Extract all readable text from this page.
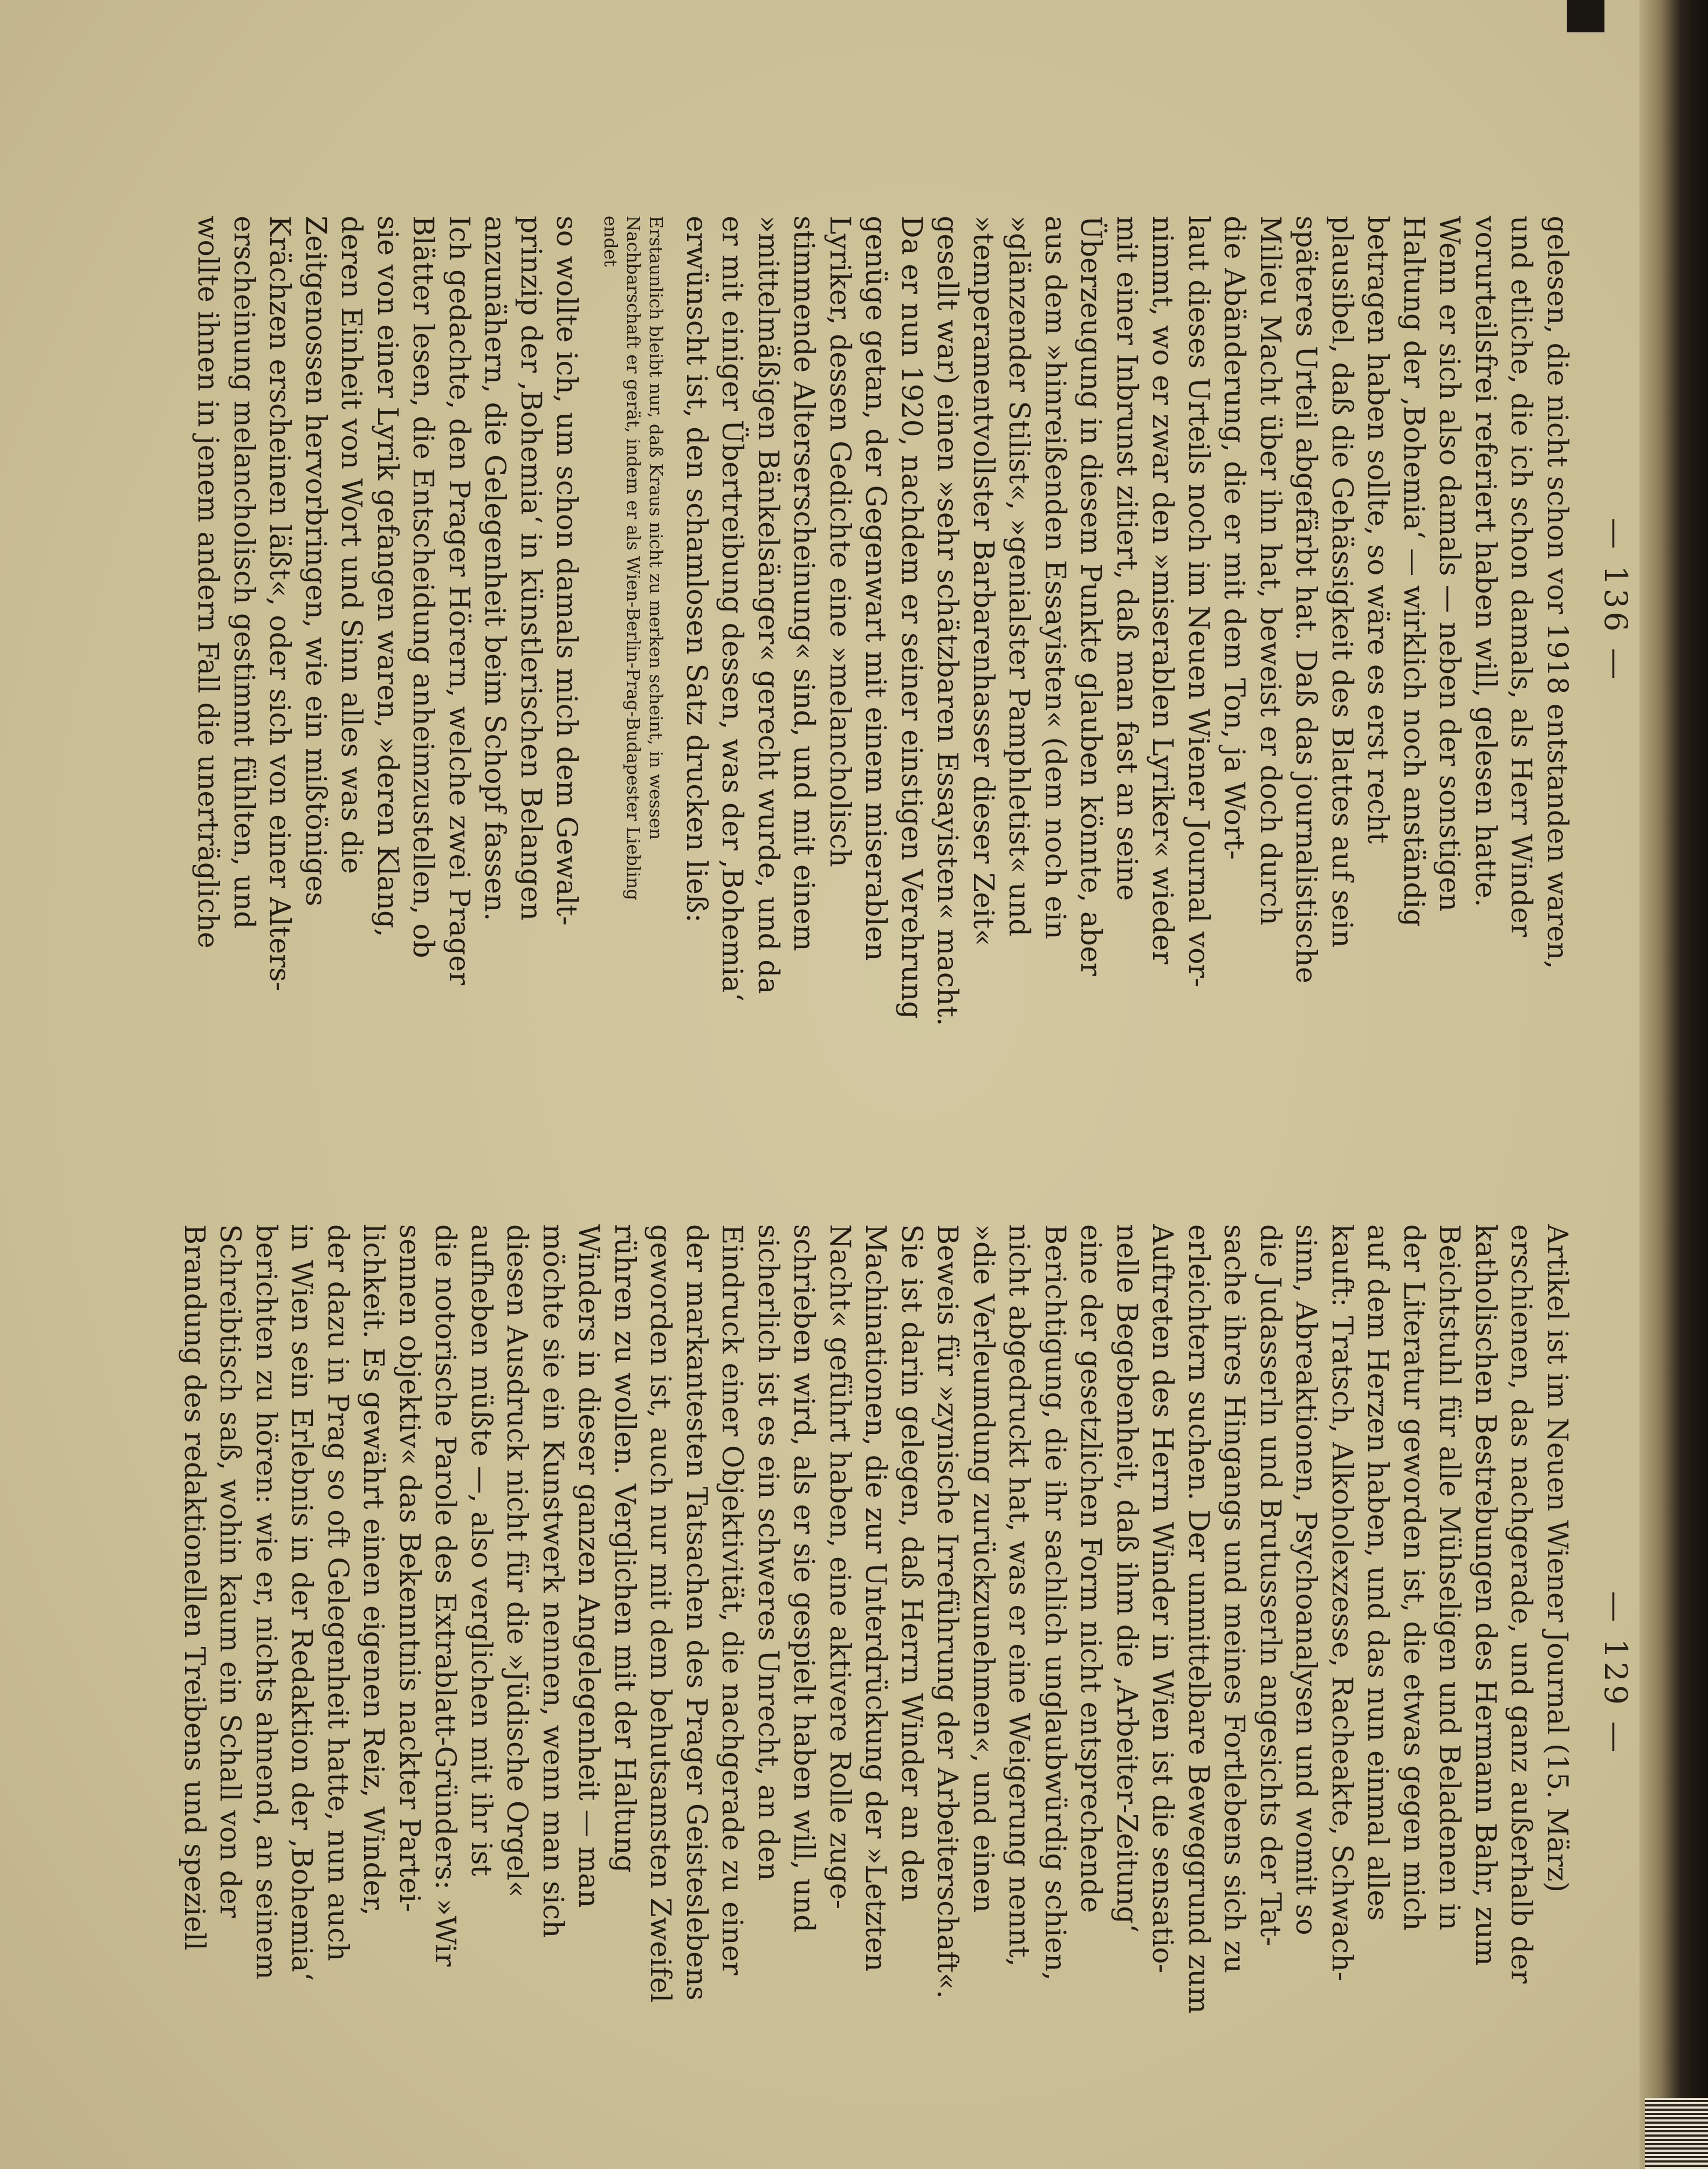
— 136 —
— 129 —
gelesen, die nicht schon vor 1918 entstanden waren,
und etliche, die ich schon damals, als Herr Winder
vorurteilsfrei referiert haben will, gelesen hatte.
Wenn er sich also damals — neben der sonstigen
Haltung der ‚Bohemia‘ — wirklich noch anständig
betragen haben sollte, so wäre es erst recht
plausibel, daß die Gehässigkeit des Blattes auf sein
späteres Urteil abgefärbt hat. Daß das journalistische
Milieu Macht über ihn hat, beweist er doch durch
die Abänderung, die er mit dem Ton, ja Wort-
laut dieses Urteils noch im Neuen Wiener Journal vor-
nimmt, wo er zwar den »miserablen Lyriker« wieder
mit einer Inbrunst zitiert, daß man fast an seine
Überzeugung in diesem Punkte glauben könnte, aber
aus dem »hinreißenden Essayisten« (dem noch ein
»glänzender Stilist«, »genialster Pamphletist« und
»temperamentvollster Barbarenhasser dieser Zeit«
gesellt war) einen »sehr schätzbaren Essayisten« macht.
Da er nun 1920, nachdem er seiner einstigen Verehrung
genüge getan, der Gegenwart mit einem miserablen
Lyriker, dessen Gedichte eine »melancholisch
stimmende Alterserscheinung« sind, und mit einem
»mittelmäßigen Bänkelsänger« gerecht wurde, und da
er mit einiger Übertreibung dessen, was der ‚Bohemia‘
erwünscht ist, den schamlosen Satz drucken ließ:
Erstaunlich bleibt nur, daß Kraus nicht zu merken scheint, in wessen
Nachbarschaft er gerät, indem er als Wien-Berlin-Prag-Budapester Liebling
endet
so wollte ich, um schon damals mich dem Gewalt-
prinzip der ‚Bohemia‘ in künstlerischen Belangen
anzunähern, die Gelegenheit beim Schopf fassen.
Ich gedachte, den Prager Hörern, welche zwei Prager
Blätter lesen, die Entscheidung anheimzustellen, ob
sie von einer Lyrik gefangen waren, »deren Klang,
deren Einheit von Wort und Sinn alles was die
Zeitgenossen hervorbringen, wie ein mißtöniges
Krächzen erscheinen läßt«, oder sich von einer Alters-
erscheinung melancholisch gestimmt fühlten, und
wollte ihnen in jenem andern Fall die unerträgliche
Artikel ist im Neuen Wiener Journal (15. März)
erschienen, das nachgerade, und ganz außerhalb der
katholischen Bestrebungen des Hermann Bahr, zum
Beichtstuhl für alle Mühseligen und Beladenen in
der Literatur geworden ist, die etwas gegen mich
auf dem Herzen haben, und das nun einmal alles
kauft: Tratsch, Alkoholexzesse, Racheakte, Schwach-
sinn, Abreaktionen, Psychoanalysen und womit so
die Judasserln und Brutusserln angesichts der Tat-
sache ihres Hingangs und meines Fortlebens sich zu
erleichtern suchen. Der unmittelbare Beweggrund zum
Auftreten des Herrn Winder in Wien ist die sensatio-
nelle Begebenheit, daß ihm die ‚Arbeiter-Zeitung‘
eine der gesetzlichen Form nicht entsprechende
Berichtigung, die ihr sachlich unglaubwürdig schien,
nicht abgedruckt hat, was er eine Weigerung nennt,
»die Verleumdung zurückzunehmen«, und einen
Beweis für »zynische Irreführung der Arbeiterschaft«.
Sie ist darin gelegen, daß Herrn Winder an den
Machinationen, die zur Unterdrückung der »Letzten
Nacht« geführt haben, eine aktivere Rolle zuge-
schrieben wird, als er sie gespielt haben will, und
sicherlich ist es ein schweres Unrecht, an den
Eindruck einer Objektivität, die nachgerade zu einer
der markantesten Tatsachen des Prager Geisteslebens
geworden ist, auch nur mit dem behutsamsten Zweifel
rühren zu wollen. Verglichen mit der Haltung
Winders in dieser ganzen Angelegenheit — man
möchte sie ein Kunstwerk nennen, wenn man sich
diesen Ausdruck nicht für die »Jüdische Orgel«
aufheben müßte —, also verglichen mit ihr ist
die notorische Parole des Extrablatt-Gründers: »Wir
sennen objektiv« das Bekenntnis nackter Partei-
lichkeit. Es gewährt einen eigenen Reiz, Winder,
der dazu in Prag so oft Gelegenheit hatte, nun auch
in Wien sein Erlebnis in der Redaktion der ‚Bohemia‘
berichten zu hören: wie er, nichts ahnend, an seinem
Schreibtisch saß, wohin kaum ein Schall von der
Brandung des redaktionellen Treibens und speziell
